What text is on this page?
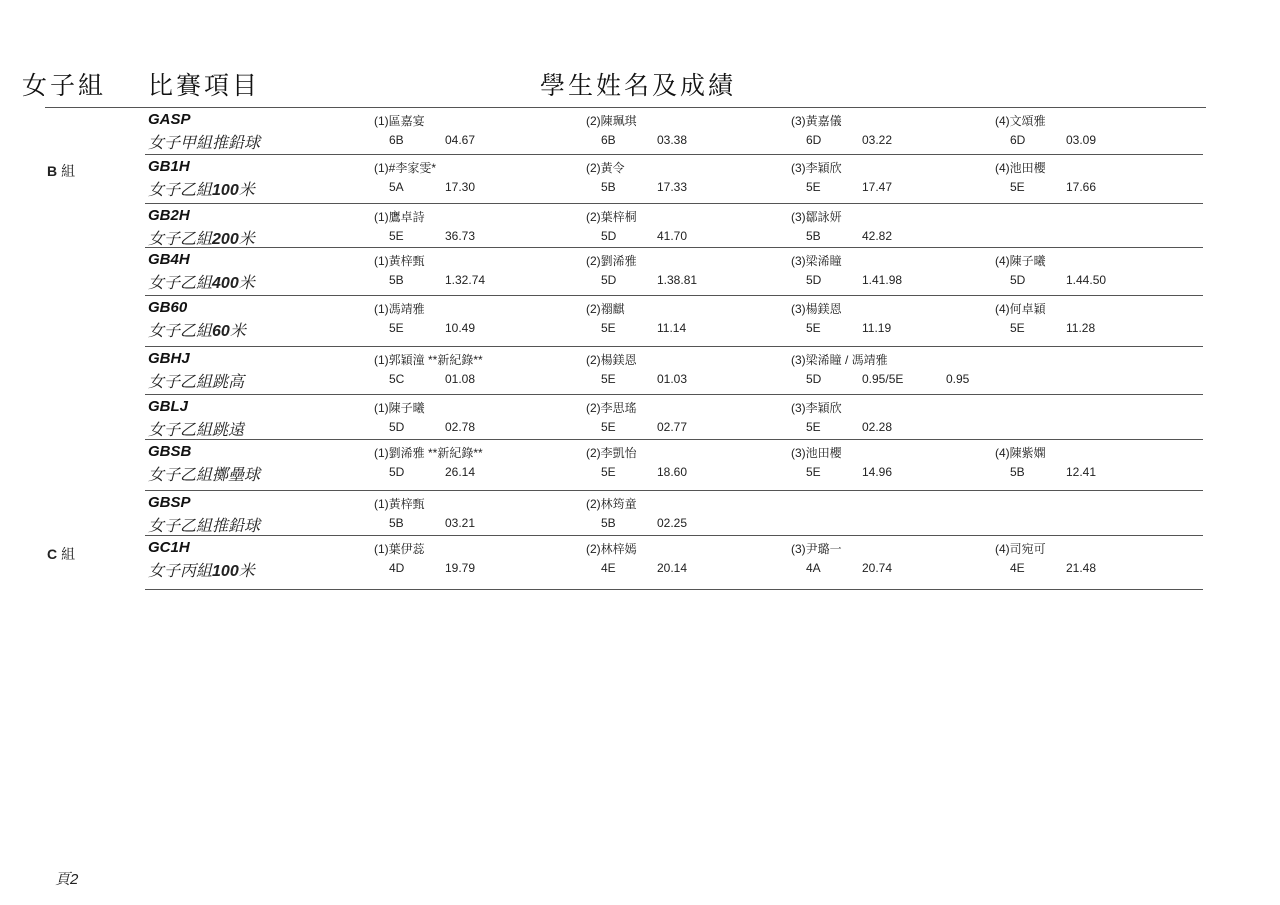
女子組 比賽項目	學生姓名及成績
B 組
C 組
GASP
女子甲組推鉛球
(1)區嘉宴
6B	04.67
(2)陳珮琪
6B	03.38
(3)黃嘉儀
6D	03.22
(4)文頌雅
6D	03.09
GB1H
女子乙組100米
(1)#李家雯*
5A	17.30
(2)黃令
5B	17.33
(3)李穎欣
5E	17.47
(4)池田櫻
5E	17.66
GB2H
女子乙組200米
(1)鷹卓詩
5E	36.73
(2)葉梓桐
5D	41.70
(3)鄒詠妍
5B	42.82
GB4H
女子乙組400米
(1)黃梓甄
5B	1.32.74
(2)劉浠雅
5D	1.38.81
(3)梁浠瞳
5D	1.41.98
(4)陳子曦
5D	1.44.50
GB60
女子乙組60米
(1)馮靖雅
5E	10.49
(2)禤麒
5E	11.14
(3)楊鎂恩
5E	11.19
(4)何卓穎
5E	11.28
GBHJ
女子乙組跳高
(1)郭穎潼 **新紀錄**
5C	01.08
(2)楊鎂恩
5E	01.03
(3)梁浠瞳 / 馮靖雅
5D	0.95/5E	0.95
GBLJ
女子乙組跳遠
(1)陳子曦
5D	02.78
(2)李思瑤
5E	02.77
(3)李穎欣
5E	02.28
GBSB
女子乙組擲壘球
(1)劉浠雅 **新紀錄**
5D	26.14
(2)李凱怡
5E	18.60
(3)池田櫻
5E	14.96
(4)陳紫嫻
5B	12.41
GBSP
女子乙組推鉛球
(1)黃梓甄
5B	03.21
(2)林筠童
5B	02.25
GC1H
女子丙組100米
(1)葉伊蕊
4D	19.79
(2)林梓嫣
4E	20.14
(3)尹璐一
4A	20.74
(4)司宛可
4E	21.48
頁2
